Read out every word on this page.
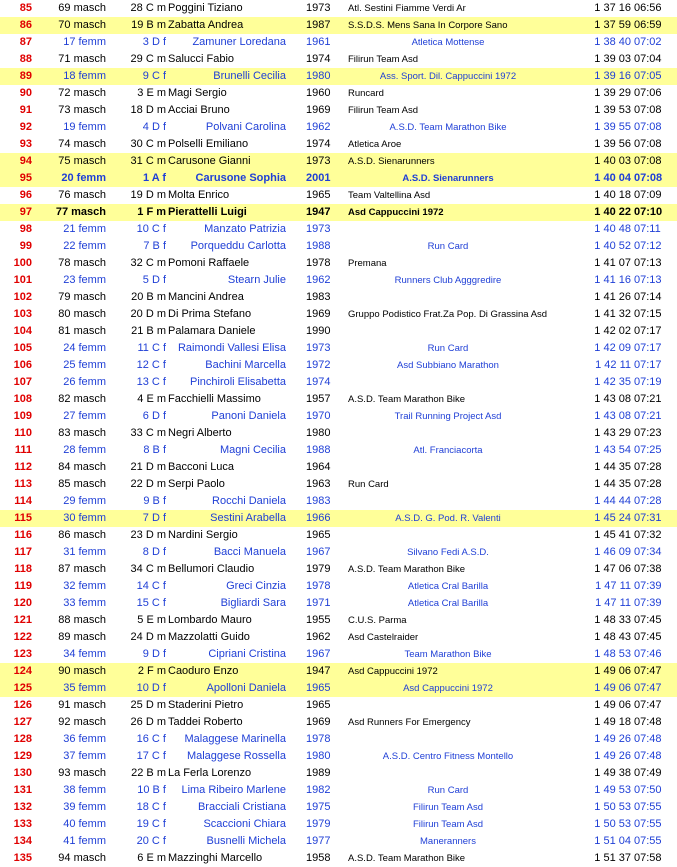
85	69 masch	28 C m Poggini Tiziano	1973	Atl. Sestini Fiamme Verdi Ar	1 37 16 06:56
86	70 masch	19 B m Zabatta Andrea	1987	S.S.D.S. Mens Sana In Corpore Sano	1 37 59 06:59
87	17 femm	3 D f	Zamuner Loredana 1961	Atletica Mottense	1 38 40 07:02
88	71 masch	29 C m Salucci Fabio	1974	Filirun Team Asd	1 39 03 07:04
89	18 femm	9 C f	Brunelli Cecilia 1980	Ass. Sport. Dil. Cappuccini 1972	1 39 16 07:05
90	72 masch	3 E m Magi Sergio	1960	Runcard	1 39 29 07:06
91	73 masch	18 D m Acciai Bruno	1969	Filirun Team Asd	1 39 53 07:08
92	19 femm	4 D f	Polvani Carolina 1962	A.S.D. Team Marathon Bike	1 39 55 07:08
93	74 masch	30 C m Polselli Emiliano	1974	Atletica Aroe	1 39 56 07:08
94	75 masch	31 C m Carusone Gianni	1973	A.S.D. Sienarunners	1 40 03 07:08
95	20 femm	1 A f	Carusone Sophia 2001	A.S.D. Sienarunners	1 40 04 07:08
96	76 masch	19 D m Molta Enrico	1965	Team Valtellina Asd	1 40 18 07:09
97	77 masch	1 F m Pierattelli Luigi	1947	Asd Cappuccini 1972	1 40 22 07:10
98	21 femm	10 C f	Manzato Patrizia 1973	1 40 48 07:11
99	22 femm	7 B f	Porqueddu Carlotta 1988	Run Card	1 40 52 07:12
100	78 masch	32 C m Pomoni Raffaele	1978	Premana	1 41 07 07:13
101	23 femm	5 D f	Stearn Julie 1962	Runners Club Agggredire	1 41 16 07:13
102	79 masch	20 B m Mancini Andrea	1983	1 41 26 07:14
103	80 masch	20 D m Di Prima Stefano	1969	Gruppo Podistico Frat.Za Pop. Di Grassina Asd	1 41 32 07:15
104	81 masch	21 B m Palamara Daniele	1990	1 42 02 07:17
105	24 femm	11 C f	Raimondi Vallesi Elisa 1973	Run Card	1 42 09 07:17
106	25 femm	12 C f	Bachini Marcella 1972	Asd Subbiano Marathon	1 42 11 07:17
107	26 femm	13 C f	Pinchiroli Elisabetta 1974	1 42 35 07:19
108	82 masch	4 E m Facchielli Massimo	1957	A.S.D. Team Marathon Bike	1 43 08 07:21
109	27 femm	6 D f	Panoni Daniela 1970	Trail Running Project Asd	1 43 08 07:21
110	83 masch	33 C m Negri Alberto	1980	1 43 29 07:23
111	28 femm	8 B f	Magni Cecilia 1988	Atl. Franciacorta	1 43 54 07:25
112	84 masch	21 D m Bacconi Luca	1964	1 44 35 07:28
113	85 masch	22 D m Serpi Paolo	1963	Run Card	1 44 35 07:28
114	29 femm	9 B f	Rocchi Daniela 1983	1 44 44 07:28
115	30 femm	7 D f	Sestini Arabella 1966	A.S.D. G. Pod. R. Valenti	1 45 24 07:31
116	86 masch	23 D m Nardini Sergio	1965	1 45 41 07:32
117	31 femm	8 D f	Bacci Manuela 1967	Silvano Fedi A.S.D.	1 46 09 07:34
118	87 masch	34 C m Bellumori Claudio	1979	A.S.D. Team Marathon Bike	1 47 06 07:38
119	32 femm	14 C f	Greci Cinzia 1978	Atletica Cral Barilla	1 47 11 07:39
120	33 femm	15 C f	Bigliardi Sara 1971	Atletica Cral Barilla	1 47 11 07:39
121	88 masch	5 E m Lombardo Mauro	1955	C.U.S. Parma	1 48 33 07:45
122	89 masch	24 D m Mazzolatti Guido	1962	Asd Castelraider	1 48 43 07:45
123	34 femm	9 D f	Cipriani Cristina 1967	Team Marathon Bike	1 48 53 07:46
124	90 masch	2 F m Caoduro Enzo	1947	Asd Cappuccini 1972	1 49 06 07:47
125	35 femm	10 D f	Apolloni Daniela 1965	Asd Cappuccini 1972	1 49 06 07:47
126	91 masch	25 D m Staderini Pietro	1965	1 49 06 07:47
127	92 masch	26 D m Taddei Roberto	1969	Asd Runners For Emergency	1 49 18 07:48
128	36 femm	16 C f	Malaggese Marinella 1978	1 49 26 07:48
129	37 femm	17 C f	Malaggese Rossella 1980	A.S.D. Centro Fitness Montello	1 49 26 07:48
130	93 masch	22 B m La Ferla Lorenzo	1989	1 49 38 07:49
131	38 femm	10 B f	Lima Ribeiro Marlene 1982	Run Card	1 49 53 07:50
132	39 femm	18 C f	Bracciali Cristiana 1975	Filirun Team Asd	1 50 53 07:55
133	40 femm	19 C f	Scaccioni Chiara 1979	Filirun Team Asd	1 50 53 07:55
134	41 femm	20 C f	Busnelli Michela 1977	Maneranners	1 51 04 07:55
135	94 masch	6 E m Mazzinghi Marcello	1958	A.S.D. Team Marathon Bike	1 51 37 07:58
